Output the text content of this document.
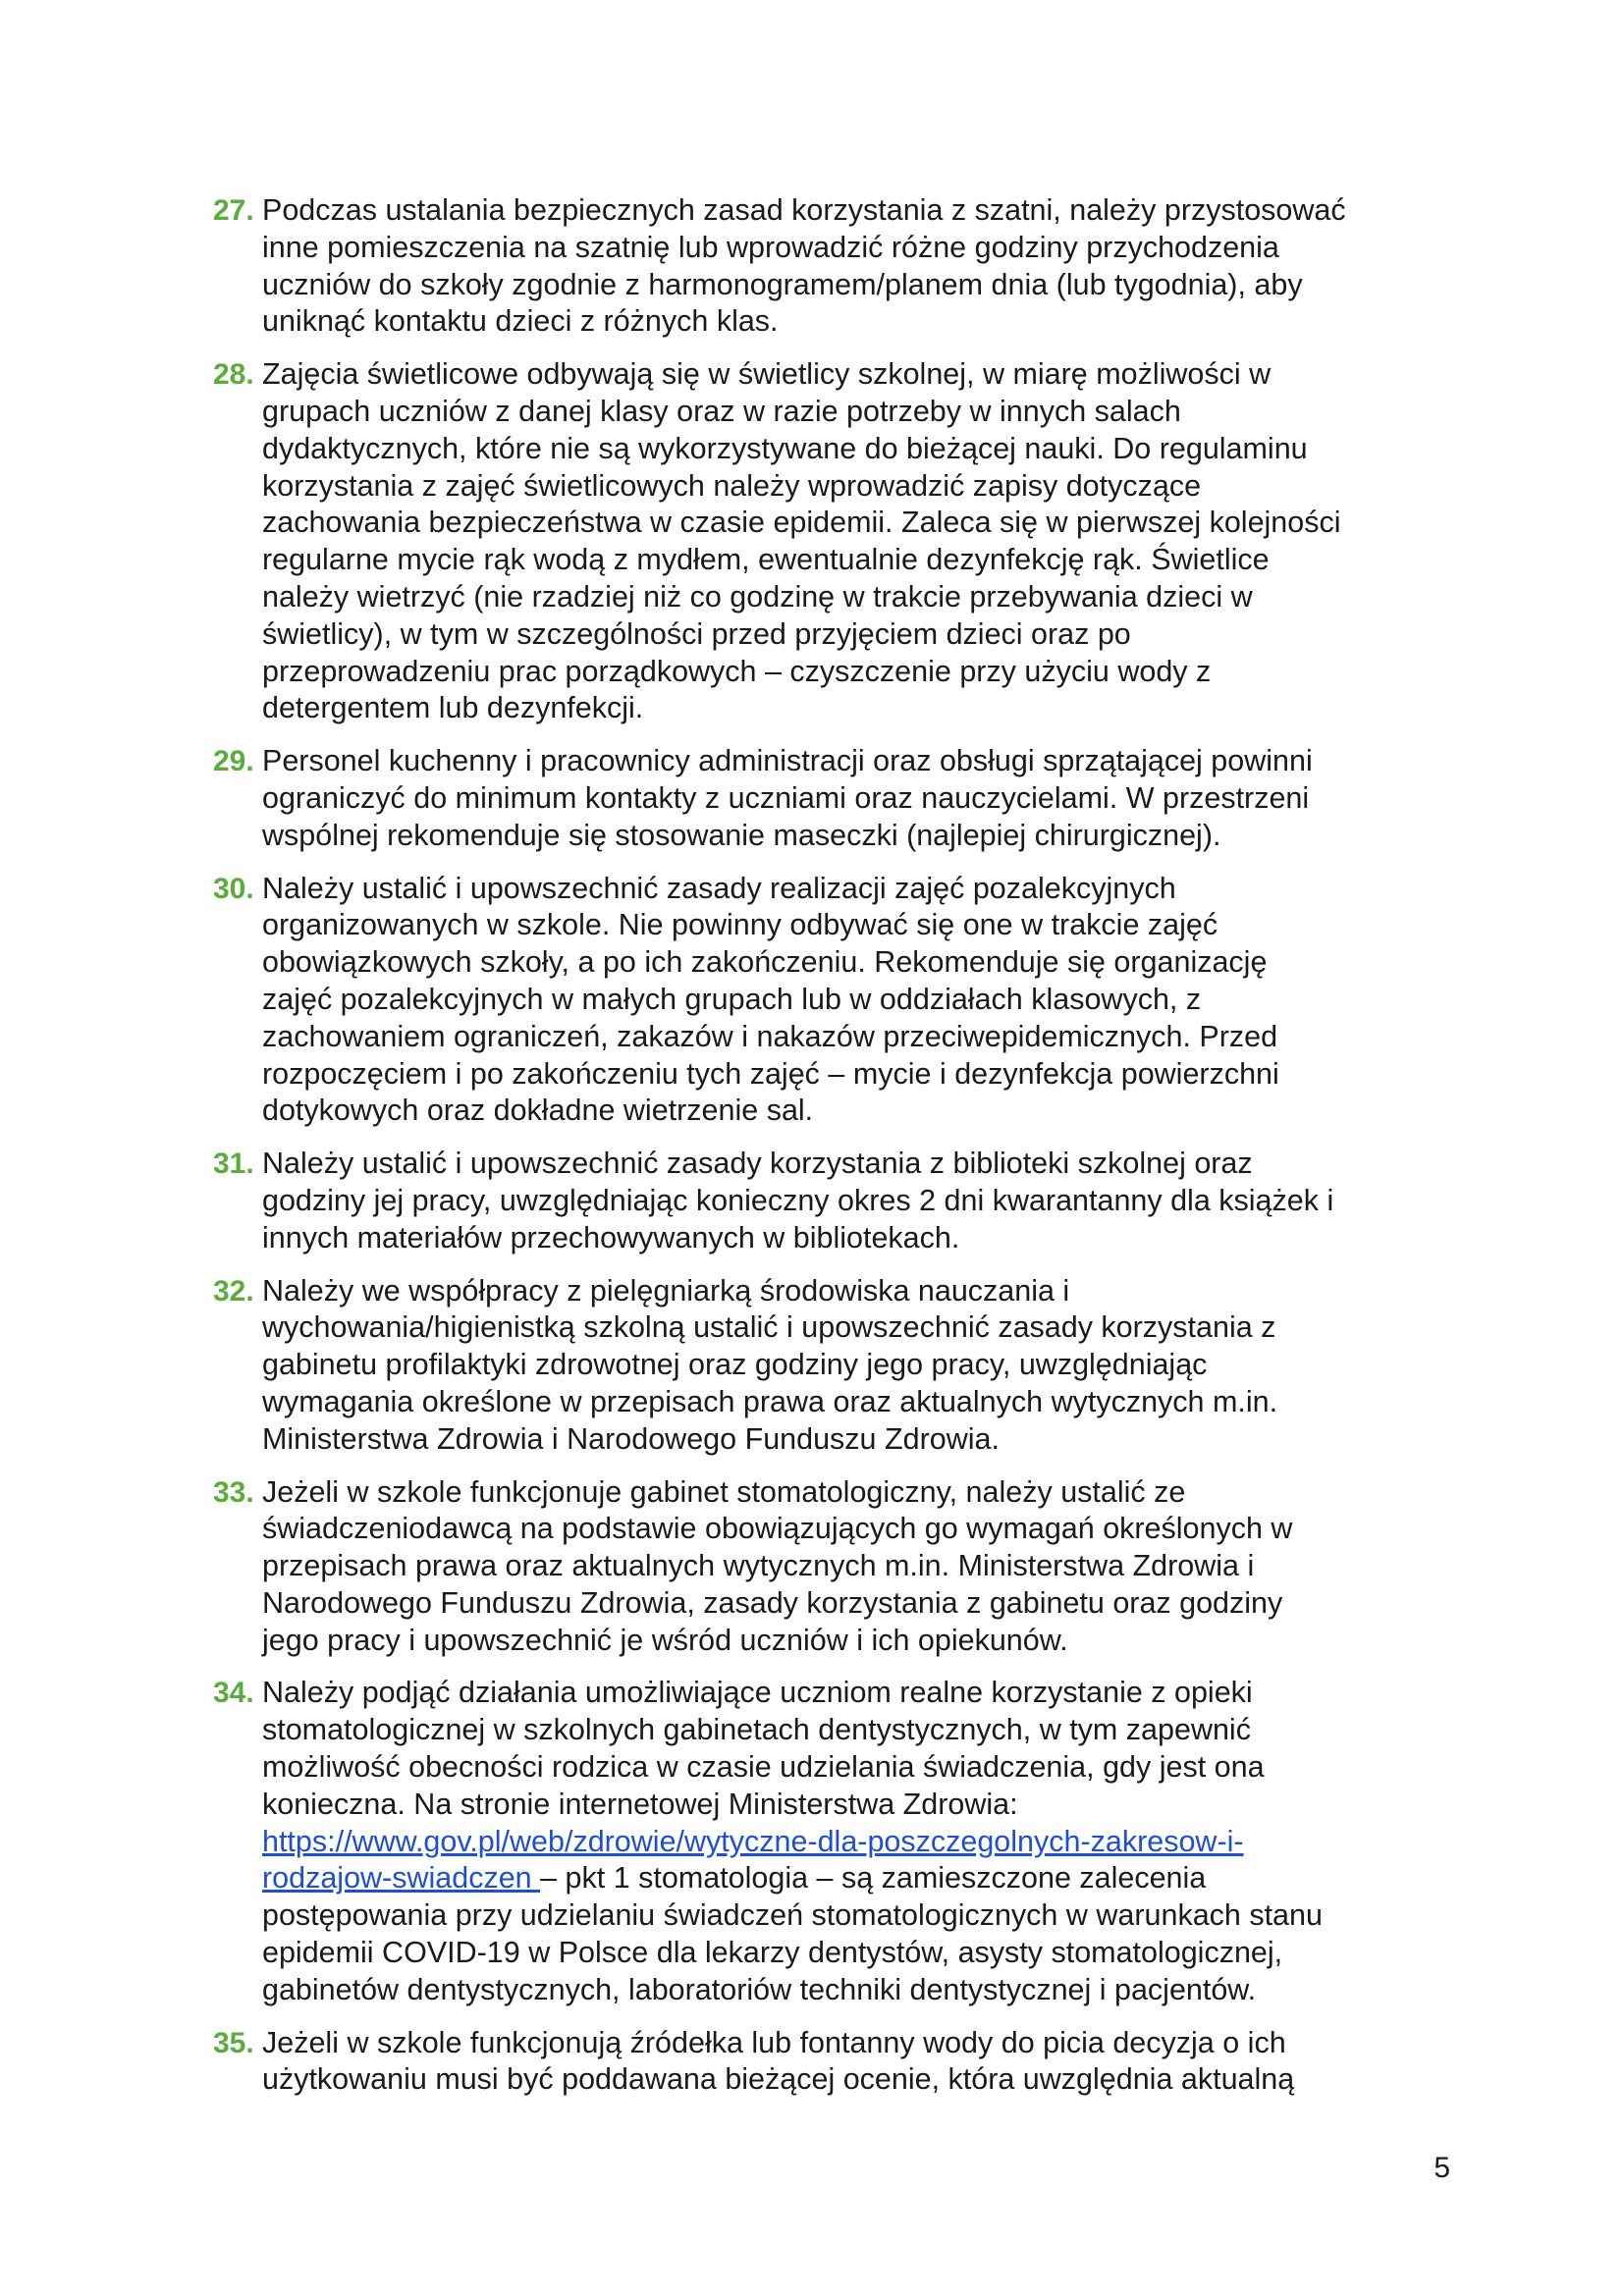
27. Podczas ustalania bezpiecznych zasad korzystania z szatni, należy przystosować
inne pomieszczenia na szatnię lub wprowadzić różne godziny przychodzenia
uczniów do szkoły zgodnie z harmonogramem/planem dnia (lub tygodnia), aby
uniknąć kontaktu dzieci z różnych klas.
28. Zajęcia świetlicowe odbywają się w świetlicy szkolnej, w miarę możliwości w
grupach uczniów z danej klasy oraz w razie potrzeby w innych salach
dydaktycznych, które nie są wykorzystywane do bieżącej nauki. Do regulaminu
korzystania z zajęć świetlicowych należy wprowadzić zapisy dotyczące
zachowania bezpieczeństwa w czasie epidemii. Zaleca się w pierwszej kolejności
regularne mycie rąk wodą z mydłem, ewentualnie dezynfekcję rąk. Świetlice
należy wietrzyć (nie rzadziej niż co godzinę w trakcie przebywania dzieci w
świetlicy), w tym w szczególności przed przyjęciem dzieci oraz po
przeprowadzeniu prac porządkowych – czyszczenie przy użyciu wody z
detergentem lub dezynfekcji.
29. Personel kuchenny i pracownicy administracji oraz obsługi sprzątającej powinni
ograniczyć do minimum kontakty z uczniami oraz nauczycielami. W przestrzeni
wspólnej rekomenduje się stosowanie maseczki (najlepiej chirurgicznej).
30. Należy ustalić i upowszechnić zasady realizacji zajęć pozalekcyjnych
organizowanych w szkole. Nie powinny odbywać się one w trakcie zajęć
obowiązkowych szkoły, a po ich zakończeniu. Rekomenduje się organizację
zajęć pozalekcyjnych w małych grupach lub w oddziałach klasowych, z
zachowaniem ograniczeń, zakazów i nakazów przeciwepidemicznych. Przed
rozpoczęciem i po zakończeniu tych zajęć – mycie i dezynfekcja powierzchni
dotykowych oraz dokładne wietrzenie sal.
31. Należy ustalić i upowszechnić zasady korzystania z biblioteki szkolnej oraz
godziny jej pracy, uwzględniając konieczny okres 2 dni kwarantanny dla książek i
innych materiałów przechowywanych w bibliotekach.
32. Należy we współpracy z pielęgniarką środowiska nauczania i
wychowania/higienistką szkolną ustalić i upowszechnić zasady korzystania z
gabinetu profilaktyki zdrowotnej oraz godziny jego pracy, uwzględniając
wymagania określone w przepisach prawa oraz aktualnych wytycznych m.in.
Ministerstwa Zdrowia i Narodowego Funduszu Zdrowia.
33. Jeżeli w szkole funkcjonuje gabinet stomatologiczny, należy ustalić ze
świadczeniodawcą na podstawie obowiązujących go wymagań określonych w
przepisach prawa oraz aktualnych wytycznych m.in. Ministerstwa Zdrowia i
Narodowego Funduszu Zdrowia, zasady korzystania z gabinetu oraz godziny
jego pracy i upowszechnić je wśród uczniów i ich opiekunów.
34. Należy podjąć działania umożliwiające uczniom realne korzystanie z opieki
stomatologicznej w szkolnych gabinetach dentystycznych, w tym zapewnić
możliwość obecności rodzica w czasie udzielania świadczenia, gdy jest ona
konieczna. Na stronie internetowej Ministerstwa Zdrowia:
https://www.gov.pl/web/zdrowie/wytyczne-dla-poszczegolnych-zakresow-i-
rodzajow-swiadczen – pkt 1 stomatologia – są zamieszczone zalecenia
postępowania przy udzielaniu świadczeń stomatologicznych w warunkach stanu
epidemii COVID-19 w Polsce dla lekarzy dentystów, asysty stomatologicznej,
gabinetów dentystycznych, laboratoriów techniki dentystycznej i pacjentów.
35. Jeżeli w szkole funkcjonują źródełka lub fontanny wody do picia decyzja o ich
użytkowaniu musi być poddawana bieżącej ocenie, która uwzględnia aktualną
5
